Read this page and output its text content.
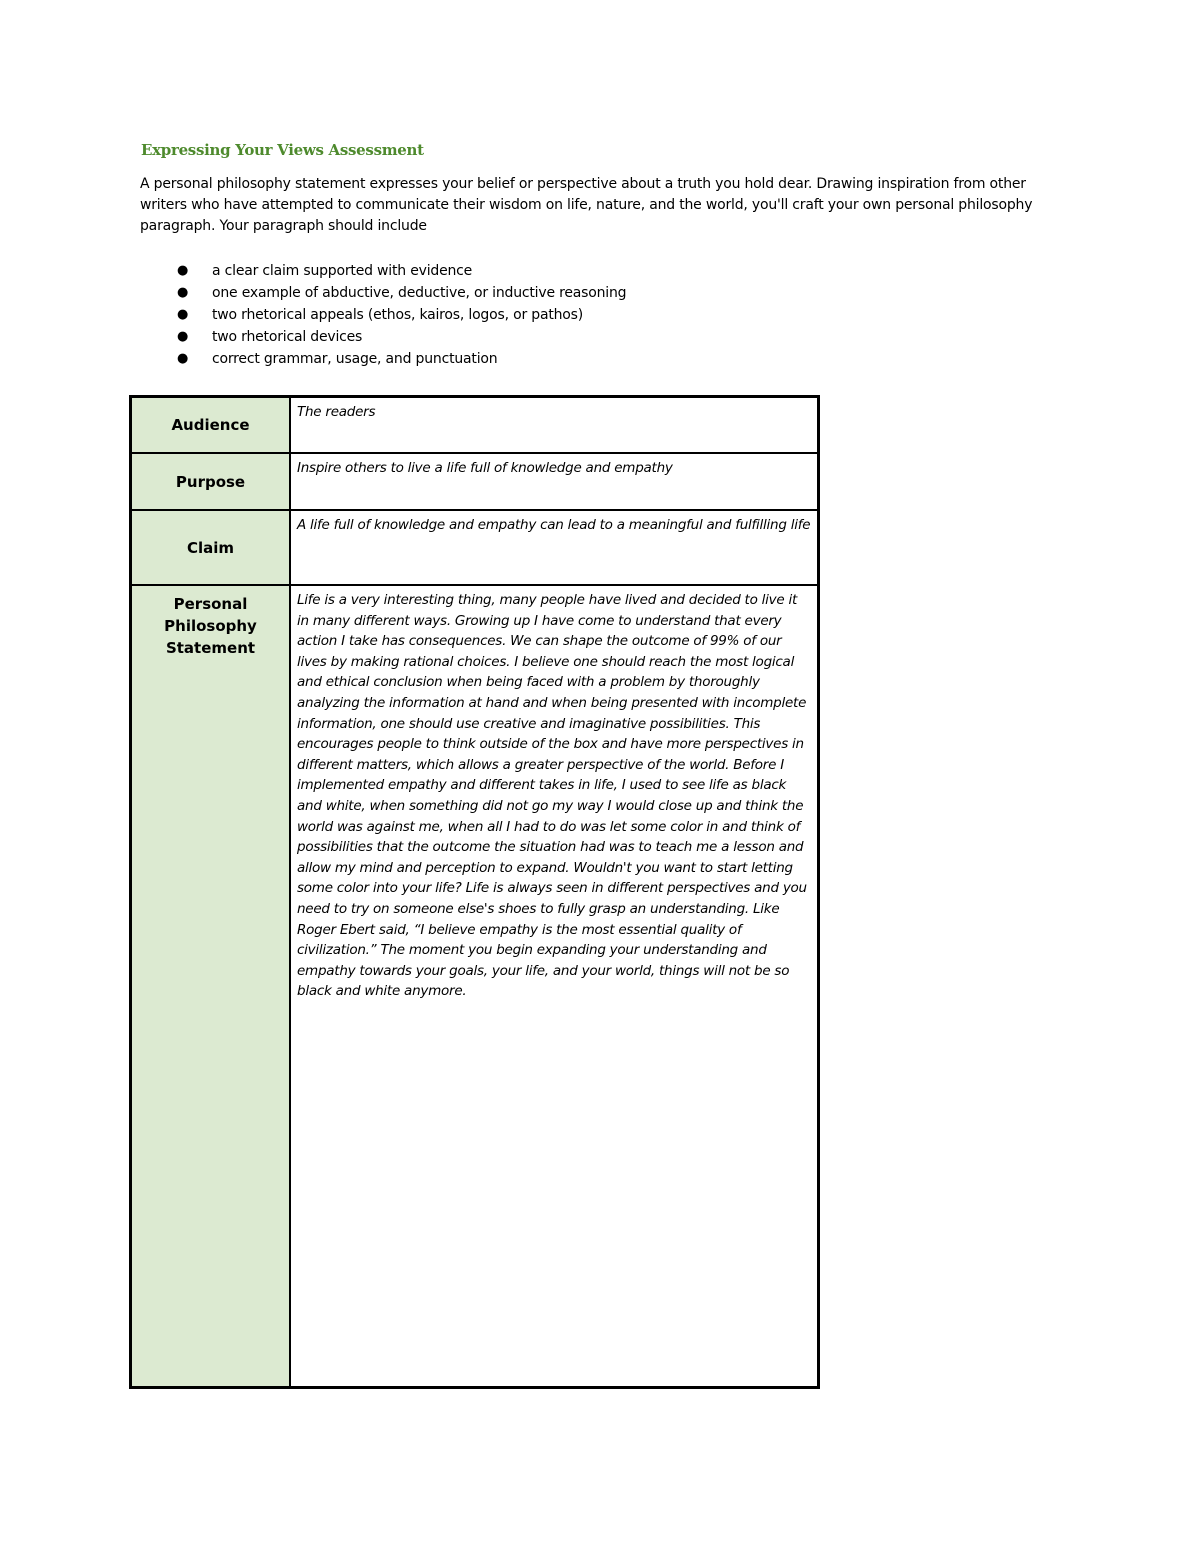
Expressing Your Views Assessment

A personal philosophy statement expresses your belief or perspective about a truth you hold dear. Drawing inspiration from other writers who have attempted to communicate their wisdom on life, nature, and the world, you'll craft your own personal philosophy paragraph. Your paragraph should include

● a clear claim supported with evidence
● one example of abductive, deductive, or inductive reasoning
● two rhetorical appeals (ethos, kairos, logos, or pathos)
● two rhetorical devices
● correct grammar, usage, and punctuation
Audience	The readers
Purpose	Inspire others to live a life full of knowledge and empathy
Claim	A life full of knowledge and empathy can lead to a meaningful and fulfilling life

Personal Philosophy Statement	Life is a very interesting thing, many people have lived and decided to live it in many different ways. Growing up I have come to understand that every action I take has consequences. We can shape the outcome of 99% of our lives by making rational choices. I believe one should reach the most logical and ethical conclusion when being faced with a problem by thoroughly analyzing the information at hand and when being presented with incomplete information, one should use creative and imaginative possibilities. This encourages people to think outside of the box and have more perspectives in different matters, which allows a greater perspective of the world. Before I implemented empathy and different takes in life, I used to see life as black and white, when something did not go my way I would close up and think the world was against me, when all I had to do was let some color in and think of possibilities that the outcome the situation had was to teach me a lesson and allow my mind and perception to expand. Wouldn't you want to start letting some color into your life? Life is always seen in different perspectives and you need to try on someone else's shoes to fully grasp an understanding. Like Roger Ebert said, “I believe empathy is the most essential quality of civilization.” The moment you begin expanding your understanding and empathy towards your goals, your life, and your world, things will not be so black and white anymore.
